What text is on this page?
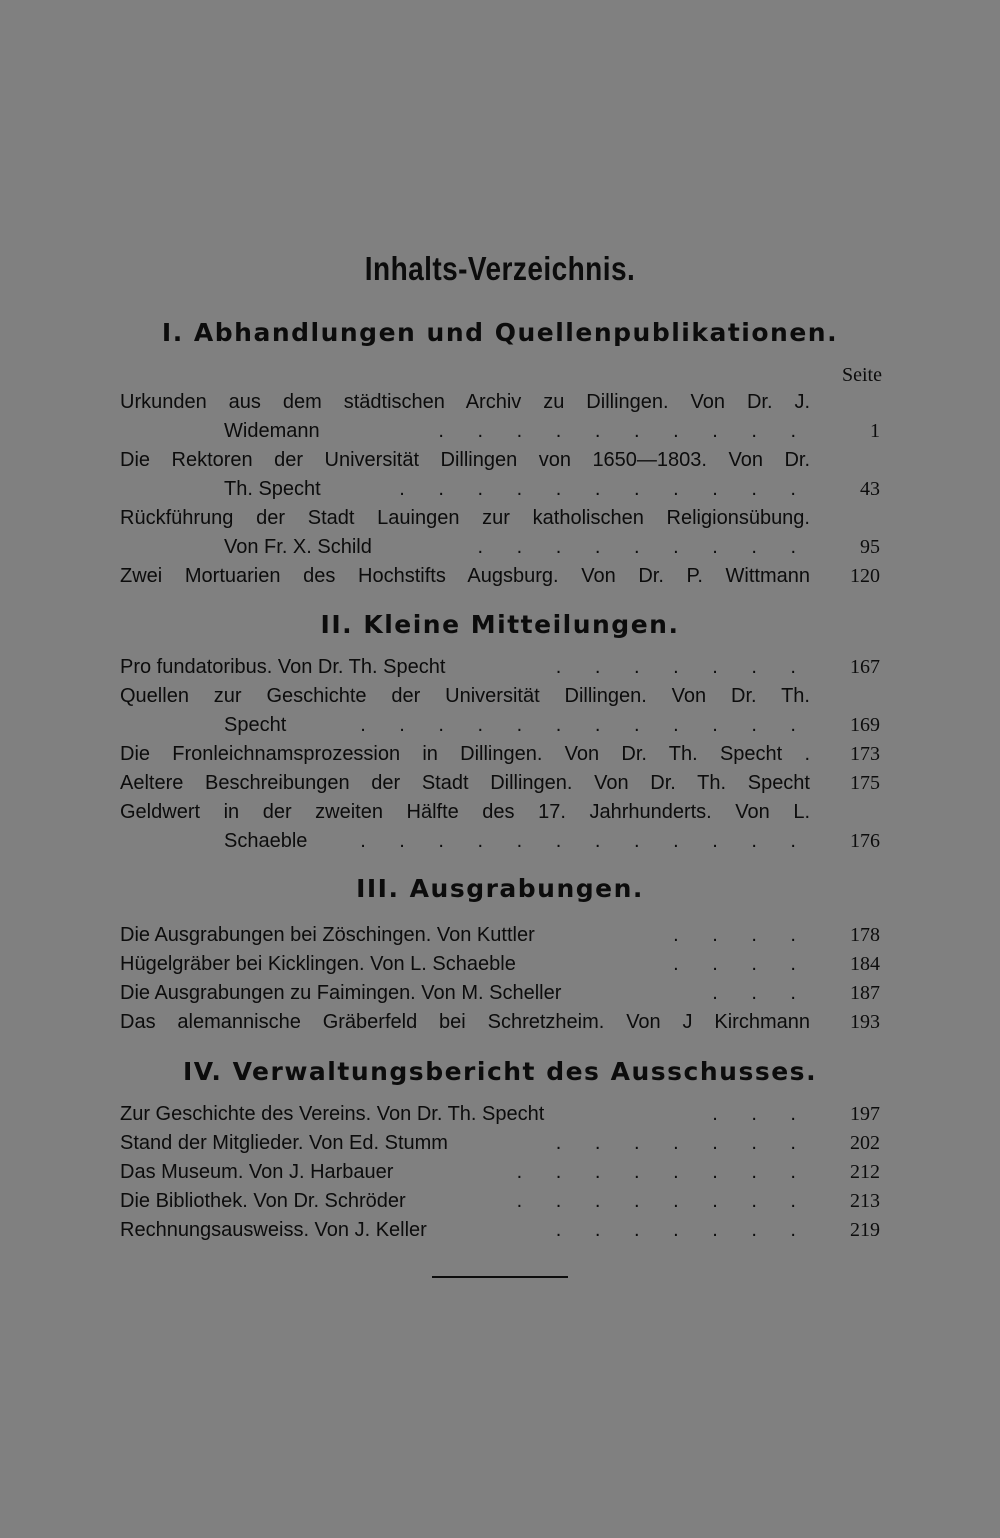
Inhalts-Verzeichnis.
I. Abhandlungen und Quellenpublikationen.
Seite
Urkunden aus dem städtischen Archiv zu Dillingen. Von Dr. J.
Widemann	. . . . . . . . . .	1
Die Rektoren der Universität Dillingen von 1650—1803. Von Dr.
Th. Specht	. . . . . . . . . . .	43
Rückführung der Stadt Lauingen zur katholischen Religionsübung.
Von Fr. X. Schild	. . . . . . . . .	95
Zwei Mortuarien des Hochstifts Augsburg. Von Dr. P. Wittmann 120
II. Kleine Mitteilungen.
Pro fundatoribus. Von Dr. Th. Specht	. . . . . . . 167
Quellen zur Geschichte der Universität Dillingen. Von Dr. Th.
Specht	. . . . . . . . . . . . 169
Die Fronleichnamsprozession in Dillingen. Von Dr. Th. Specht . 173
Aeltere Beschreibungen der Stadt Dillingen. Von Dr. Th. Specht 175
Geldwert in der zweiten Hälfte des 17. Jahrhunderts. Von L.
Schaeble	. . . . . . . . . . . . 176
III. Ausgrabungen.
Die Ausgrabungen bei Zöschingen. Von Kuttler	. . . . 178
Hügelgräber bei Kicklingen. Von L. Schaeble	. . . . 184
Die Ausgrabungen zu Faimingen. Von M. Scheller	. . . 187
Das alemannische Gräberfeld bei Schretzheim. Von J Kirchmann 193
IV. Verwaltungsbericht des Ausschusses.
Zur Geschichte des Vereins. Von Dr. Th. Specht	. . . 197
Stand der Mitglieder. Von Ed. Stumm	. . . . . . . 202
Das Museum. Von J. Harbauer	. . . . . . . . 212
Die Bibliothek. Von Dr. Schröder	. . . . . . . . 213
Rechnungsausweiss. Von J. Keller	. . . . . . . 219
